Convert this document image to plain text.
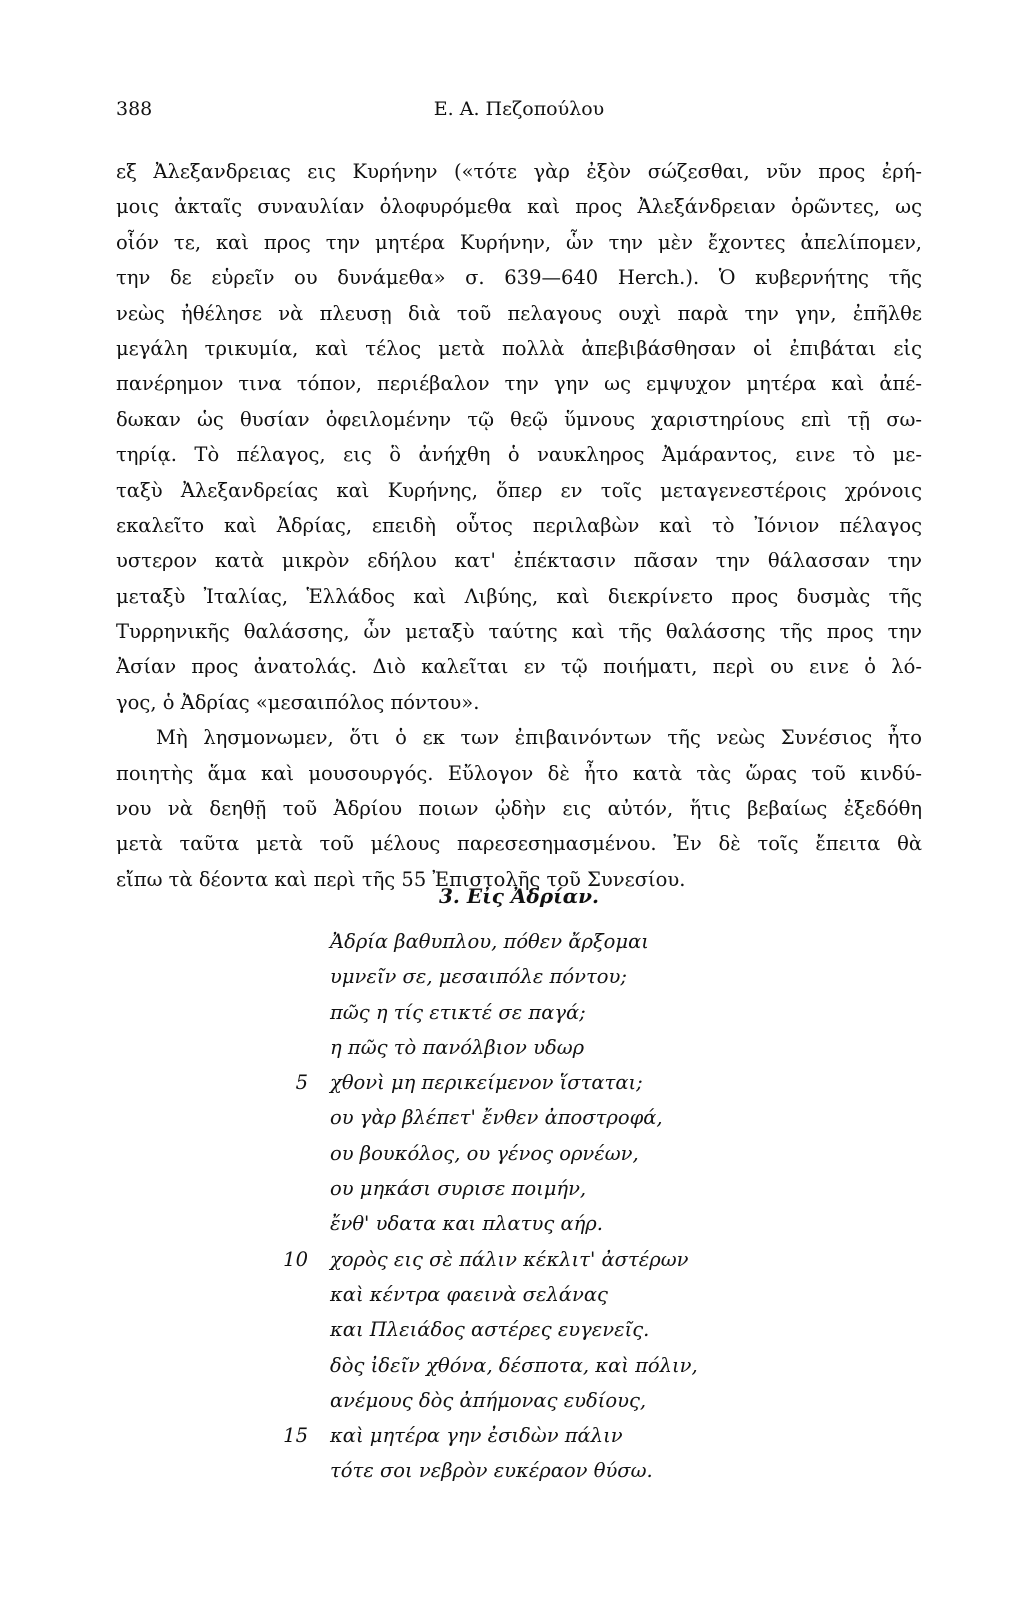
388	Ε. Α. Πεζοπούλου
εξ Ἀλεξανδρειας εις Κυρήνην («τότε γὰρ ἐξὸν σώζεσθαι, νῦν προς ἐρή-
μοις ἀκταῖς συναυλίαν ὀλοφυρόμεθα καὶ προς Ἀλεξάνδρειαν ὁρῶντες, ως
οἷόν τε, καὶ προς την μητέρα Κυρήνην, ὧν την μὲν ἔχοντες ἀπελίπομεν,
την δε εὑρεῖν ου δυνάμεθα» σ. 639—640 Herch.). Ὁ κυβερνήτης τῆς
νεὼς ἠθέλησε νὰ πλευσῃ διὰ τοῦ πελαγους ουχὶ παρὰ την γην, ἐπῆλθε
μεγάλη τρικυμία, καὶ τέλος μετὰ πολλὰ ἀπεβιβάσθησαν οἱ ἐπιβάται εἰς
πανέρημον τινα τόπον, περιέβαλον την γην ως εμψυχον μητέρα καὶ ἀπέ-
δωκαν ὡς θυσίαν ὀφειλομένην τῷ θεῷ ὕμνους χαριστηρίους επὶ τῇ σω-
τηρίᾳ. Τὸ πέλαγος, εις ὃ ἀνήχθη ὁ ναυκληρος Ἀμάραντος, εινε τὸ με-
ταξὺ Ἀλεξανδρείας καὶ Κυρήνης, ὅπερ εν τοῖς μεταγενεστέροις χρόνοις
εκαλεῖτο καὶ Ἀδρίας, επειδὴ οὗτος περιλαβὼν καὶ τὸ Ἰόνιον πέλαγος
υστερον κατὰ μικρὸν εδήλου κατ' ἐπέκτασιν πᾶσαν την θάλασσαν την
μεταξὺ Ἰταλίας, Ἑλλάδος καὶ Λιβύης, καὶ διεκρίνετο προς δυσμὰς τῆς
Τυρρηνικῆς θαλάσσης, ὧν μεταξὺ ταύτης καὶ τῆς θαλάσσης τῆς προς την
Ἀσίαν προς ἀνατολάς. Διὸ καλεῖται εν τῷ ποιήματι, περὶ ου εινε ὁ λό-
γος, ὁ Ἀδρίας «μεσαιπόλος πόντου».
Μὴ λησμονωμεν, ὅτι ὁ εκ των ἐπιβαινόντων τῆς νεὼς Συνέσιος ἦτο
ποιητὴς ἅμα καὶ μουσουργός. Εὔλογον δὲ ἦτο κατὰ τὰς ὥρας τοῦ κινδύ-
νου νὰ δεηθῇ τοῦ Ἀδρίου ποιων ᾠδὴν εις αὐτόν, ἥτις βεβαίως ἐξεδόθη
μετὰ ταῦτα μετὰ τοῦ μέλους παρεσεσημασμένου. Ἐν δὲ τοῖς ἔπειτα θὰ
εἴπω τὰ δέοντα καὶ περὶ τῆς 55 Ἐπιστολῆς τοῦ Συνεσίου.
3. Εἰς Ἀδρίαν.
Ἀδρία βαθυπλου, πόθεν ἄρξομαι
υμνεῖν σε, μεσαιπόλε πόντου;
πῶς η τίς ετικτέ σε παγά;
η πῶς τὸ πανόλβιον υδωρ
5 χθονὶ μη περικείμενον ἵσταται;
ου γὰρ βλέπετ' ἔνθεν ἀποστροφά,
ου βουκόλος, ου γένος ορνέων,
ου μηκάσι συρισε ποιμήν,
ἔνθ' υδατα και πλατυς αήρ.
10 χορὸς εις σὲ πάλιν κέκλιτ' ἀστέρων
καὶ κέντρα φαεινὰ σελάνας
και Πλειάδος αστέρες ευγενεῖς.
δὸς ἰδεῖν χθόνα, δέσποτα, καὶ πόλιν,
ανέμους δὸς ἀπήμονας ευδίους,
15 καὶ μητέρα γην ἐσιδὼν πάλιν
τότε σοι νεβρὸν ευκέραον θύσω.
